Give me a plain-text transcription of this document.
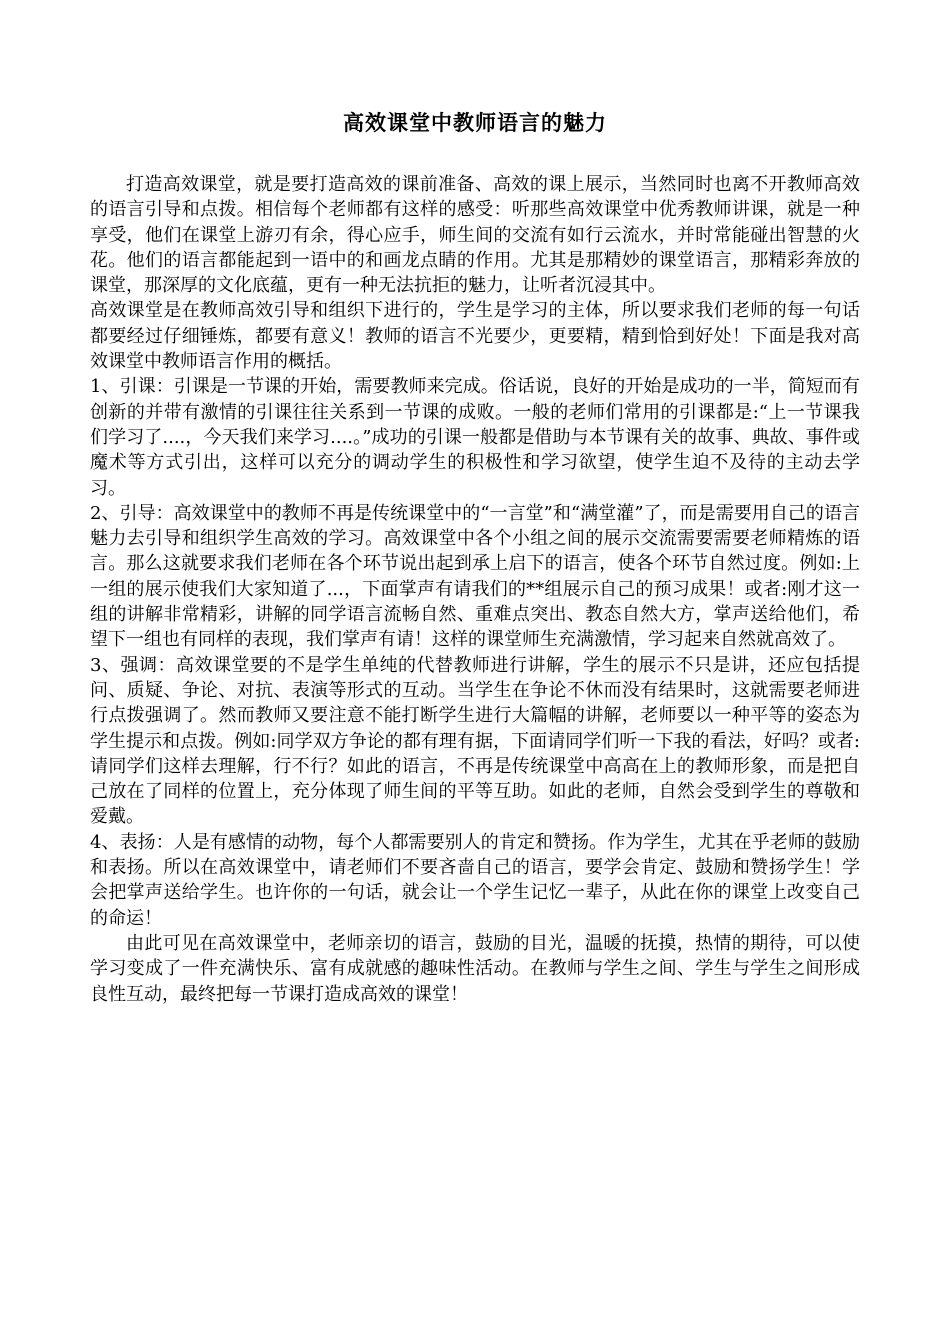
高效课堂中教师语言的魅力

打造高效课堂，就是要打造高效的课前准备、高效的课上展示，当然同时也离不开教师高效的语言引导和点拨。相信每个老师都有这样的感受：听那些高效课堂中优秀教师讲课，就是一种享受，他们在课堂上游刃有余，得心应手，师生间的交流有如行云流水，并时常能碰出智慧的火花。他们的语言都能起到一语中的和画龙点睛的作用。尤其是那精妙的课堂语言，那精彩奔放的课堂，那深厚的文化底蕴，更有一种无法抗拒的魅力，让听者沉浸其中。

高效课堂是在教师高效引导和组织下进行的，学生是学习的主体，所以要求我们老师的每一句话都要经过仔细锤炼，都要有意义！教师的语言不光要少，更要精，精到恰到好处！下面是我对高效课堂中教师语言作用的概括。

1、引课：引课是一节课的开始，需要教师来完成。俗话说，良好的开始是成功的一半，简短而有创新的并带有激情的引课往往关系到一节课的成败。一般的老师们常用的引课都是:“上一节课我们学习了....，今天我们来学习....。”成功的引课一般都是借助与本节课有关的故事、典故、事件或魔术等方式引出，这样可以充分的调动学生的积极性和学习欲望，使学生迫不及待的主动去学习。

2、引导：高效课堂中的教师不再是传统课堂中的“一言堂”和“满堂灌”了，而是需要用自己的语言魅力去引导和组织学生高效的学习。高效课堂中各个小组之间的展示交流需要需要老师精炼的语言。那么这就要求我们老师在各个环节说出起到承上启下的语言，使各个环节自然过度。例如:上一组的展示使我们大家知道了...，下面掌声有请我们的**组展示自己的预习成果！或者:刚才这一组的讲解非常精彩，讲解的同学语言流畅自然、重难点突出、教态自然大方，掌声送给他们，希望下一组也有同样的表现，我们掌声有请！这样的课堂师生充满激情，学习起来自然就高效了。

3、强调：高效课堂要的不是学生单纯的代替教师进行讲解，学生的展示不只是讲，还应包括提问、质疑、争论、对抗、表演等形式的互动。当学生在争论不休而没有结果时，这就需要老师进行点拨强调了。然而教师又要注意不能打断学生进行大篇幅的讲解，老师要以一种平等的姿态为学生提示和点拨。例如:同学双方争论的都有理有据，下面请同学们听一下我的看法，好吗？或者:请同学们这样去理解，行不行？如此的语言，不再是传统课堂中高高在上的教师形象，而是把自己放在了同样的位置上，充分体现了师生间的平等互助。如此的老师，自然会受到学生的尊敬和爱戴。

4、表扬：人是有感情的动物，每个人都需要别人的肯定和赞扬。作为学生，尤其在乎老师的鼓励和表扬。所以在高效课堂中，请老师们不要吝啬自己的语言，要学会肯定、鼓励和赞扬学生！学会把掌声送给学生。也许你的一句话，就会让一个学生记忆一辈子，从此在你的课堂上改变自己的命运！

由此可见在高效课堂中，老师亲切的语言，鼓励的目光，温暖的抚摸，热情的期待，可以使学习变成了一件充满快乐、富有成就感的趣味性活动。在教师与学生之间、学生与学生之间形成良性互动，最终把每一节课打造成高效的课堂！
